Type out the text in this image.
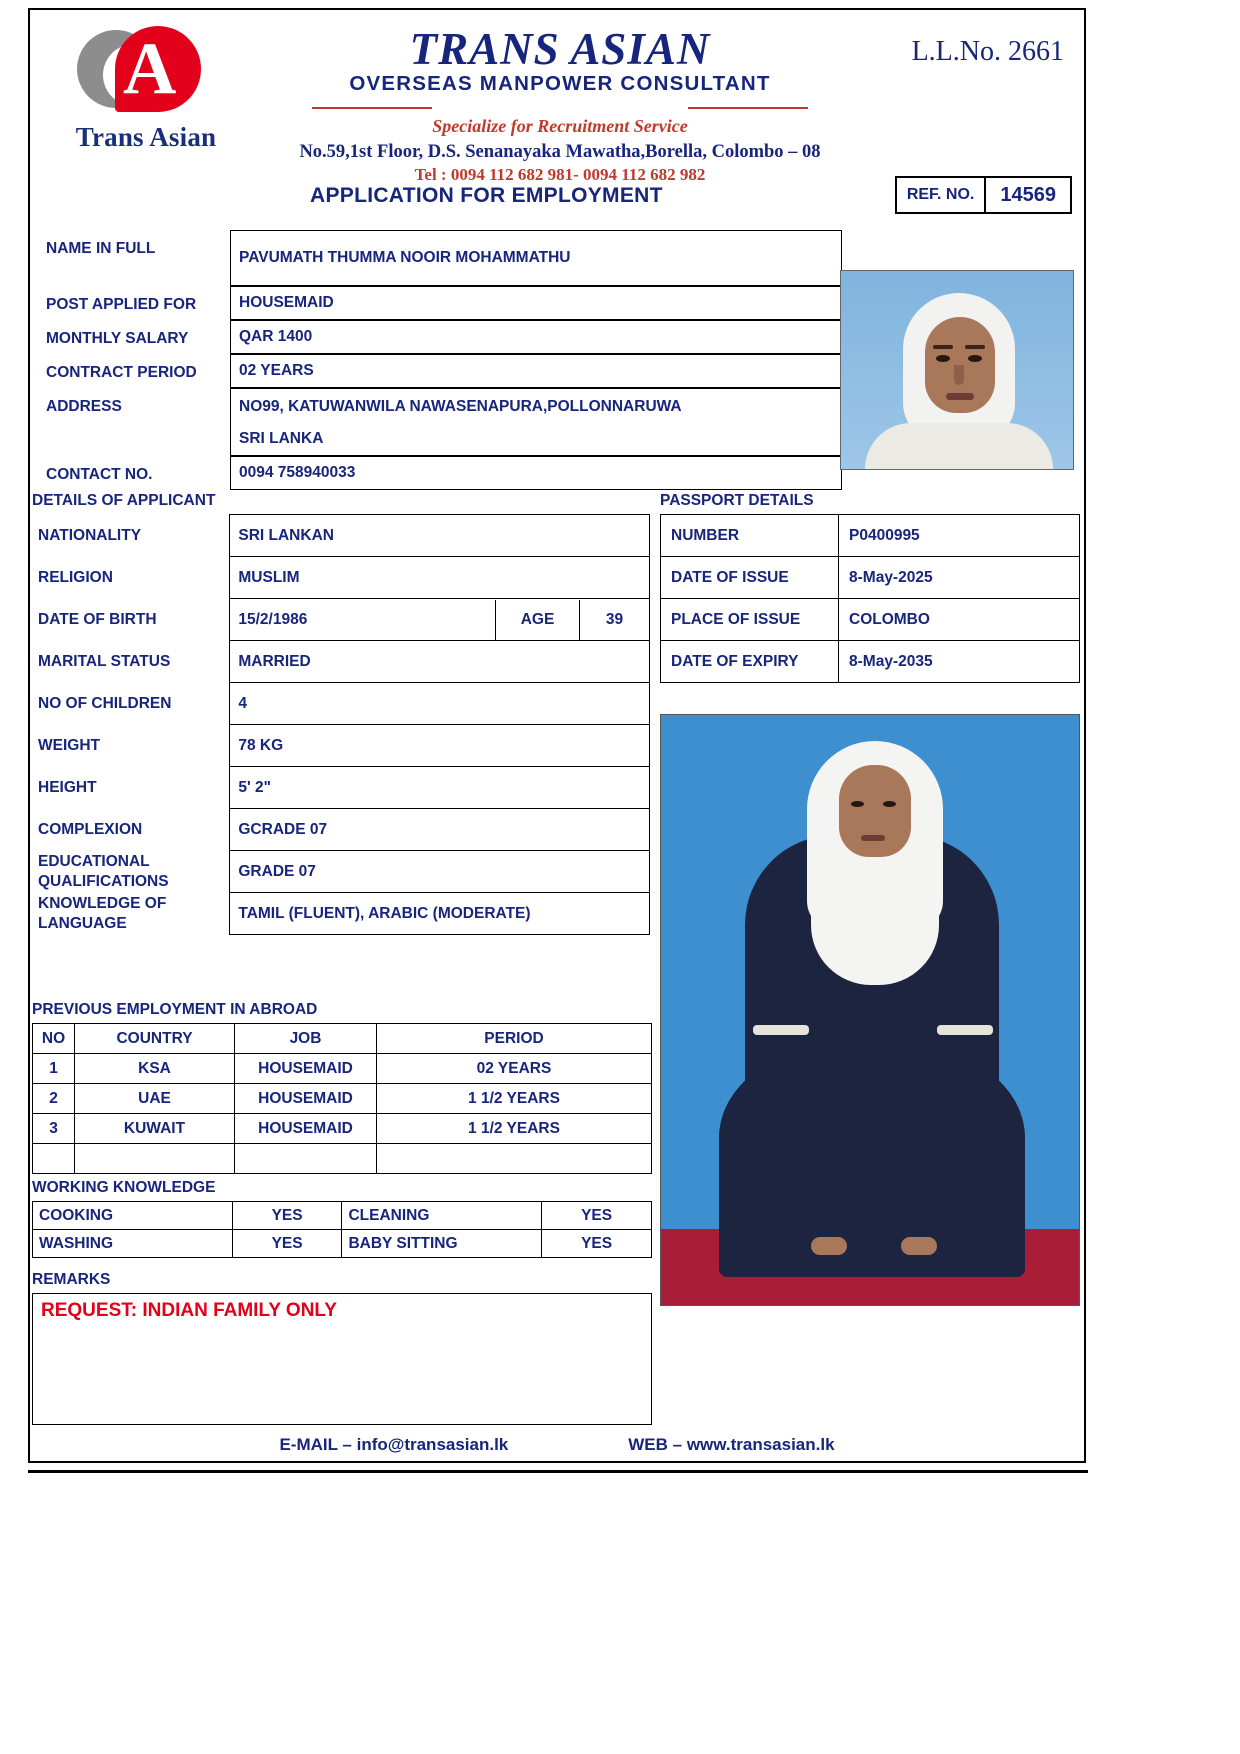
A
Trans Asian
TRANS ASIAN
OVERSEAS MANPOWER CONSULTANT
Specialize for Recruitment Service
No.59,1st Floor, D.S. Senanayaka Mawatha,Borella, Colombo – 08
Tel : 0094 112 682 981- 0094 112 682 982
L.L.No. 2661
APPLICATION FOR EMPLOYMENT	REF. NO.	14569
NAME IN FULL
PAVUMATH THUMMA NOOIR MOHAMMATHU
POST APPLIED FOR	HOUSEMAID
MONTHLY SALARY	QAR 1400
CONTRACT PERIOD	02 YEARS
ADDRESS	NO99, KATUWANWILA NAWASENAPURA,POLLONNARUWA
SRI LANKA
CONTACT NO.	0094 758940033
DETAILS OF APPLICANT	PASSPORT DETAILS
NATIONALITY	SRI LANKAN
RELIGION	MUSLIM
DATE OF BIRTH	15/2/1986 AGE 39

MARITAL STATUS	MARRIED
NO OF CHILDREN	4
WEIGHT	78 KG
HEIGHT	5' 2"
COMPLEXION	GCRADE 07
EDUCATIONAL QUALIFICATIONS	GRADE 07
KNOWLEDGE OF LANGUAGE	TAMIL (FLUENT), ARABIC (MODERATE)
NUMBER	P0400995
DATE OF ISSUE	8-May-2025
PLACE OF ISSUE	COLOMBO
DATE OF EXPIRY	8-May-2035
PREVIOUS EMPLOYMENT IN ABROAD
NO	COUNTRY	JOB	PERIOD
1	KSA	HOUSEMAID	02 YEARS
2	UAE	HOUSEMAID	1 1/2 YEARS
3	KUWAIT	HOUSEMAID	1 1/2 YEARS

WORKING KNOWLEDGE
COOKING	YES	CLEANING	YES
WASHING	YES	BABY SITTING	YES
REMARKS
REQUEST: INDIAN FAMILY ONLY
E-MAIL – info@transasian.lk	WEB – www.transasian.lk
